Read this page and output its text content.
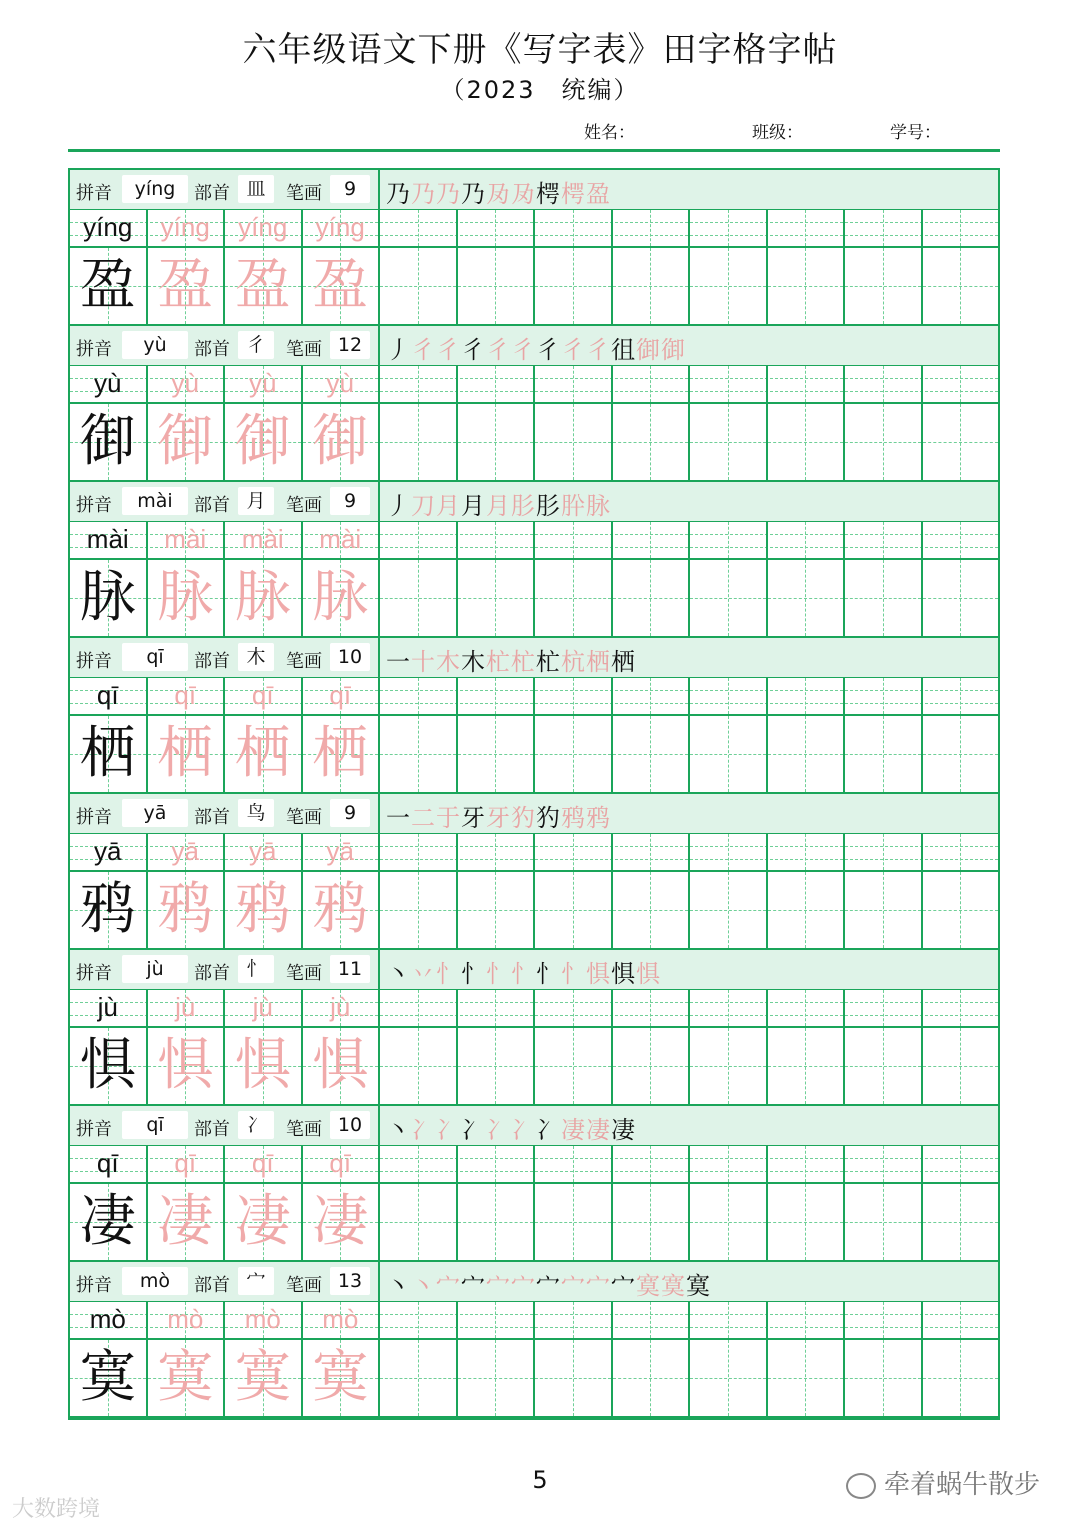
六年级语文下册《写字表》田字格字帖
（2023　统编）
姓名：	班级：	学号：
拼音	yíng	部首 皿	笔画	9	乃乃乃乃夃夃㮙㮙盈
yíng	yíng	yíng	yíng
盈 盈 盈 盈
拼音	yù	部首 彳	笔画 12 丿彳彳彳彳彳彳彳彳徂御御
yù	yù	yù	yù
御 御 御 御
拼音	mài	部首 月	笔画	9	丿刀月月月肜肜肸脉
mài	mài	mài	mài
脉 脉 脉 脉
拼音	qī	部首 木	笔画 10 一十木木杧杧杧杭栖栖
qī	qī	qī	qī
栖 栖 栖 栖
拼音	yā	部首 鸟	笔画	9	一二于牙牙犳犳鸦鸦
yā	yā	yā	yā
鸦 鸦 鸦 鸦
拼音	jù	部首 忄	笔画 11 丶丷忄忄忄忄忄忄惧惧惧
jù	jù	jù	jù
惧 惧 惧 惧
拼音	qī	部首 冫	笔画 10 丶冫冫冫冫冫冫凄凄凄
qī	qī	qī	qī
凄 凄 凄 凄
拼音	mò	部首 宀	笔画 13 丶丶宀宀宀宀宀宀宀宀寞寞寞
mò	mò	mò	mò
寞 寞 寞 寞
5
大数跨境
牵着蜗牛散步
